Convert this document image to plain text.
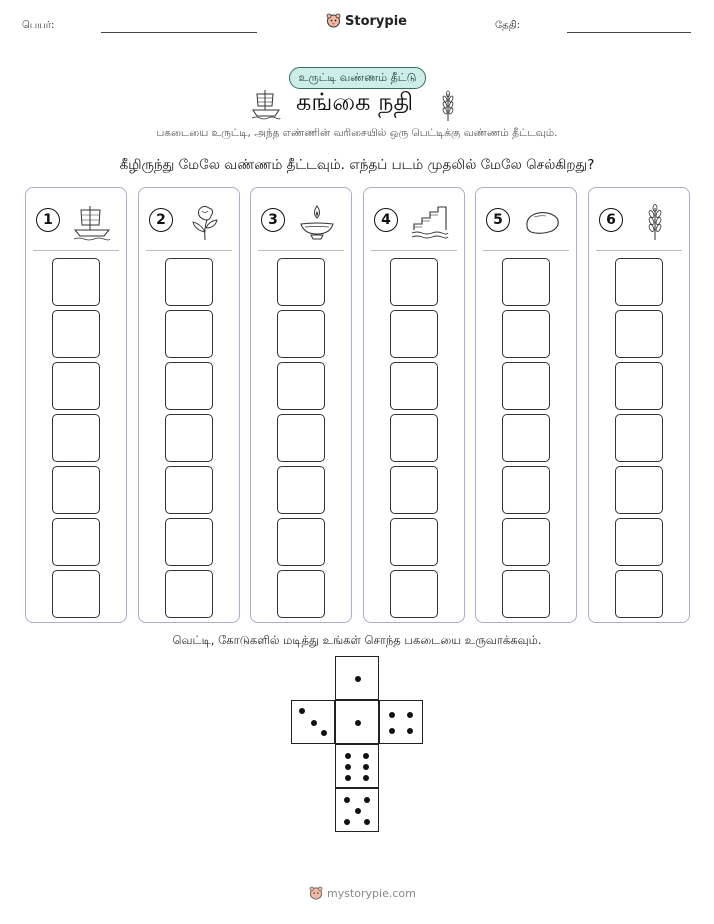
பெயர்:	Storypie	தேதி:
உருட்டி வண்ணம் தீட்டு
கங்கை நதி
பகடையை உருட்டி, அந்த எண்ணின் வரிசையில் ஒரு பெட்டிக்கு வண்ணம் தீட்டவும்.
கீழிருந்து மேலே வண்ணம் தீட்டவும். எந்தப் படம் முதலில் மேலே செல்கிறது?
1	2	3	4	5	6
வெட்டி, கோடுகளில் மடித்து உங்கள் சொந்த பகடையை உருவாக்கவும்.
mystorypie.com
